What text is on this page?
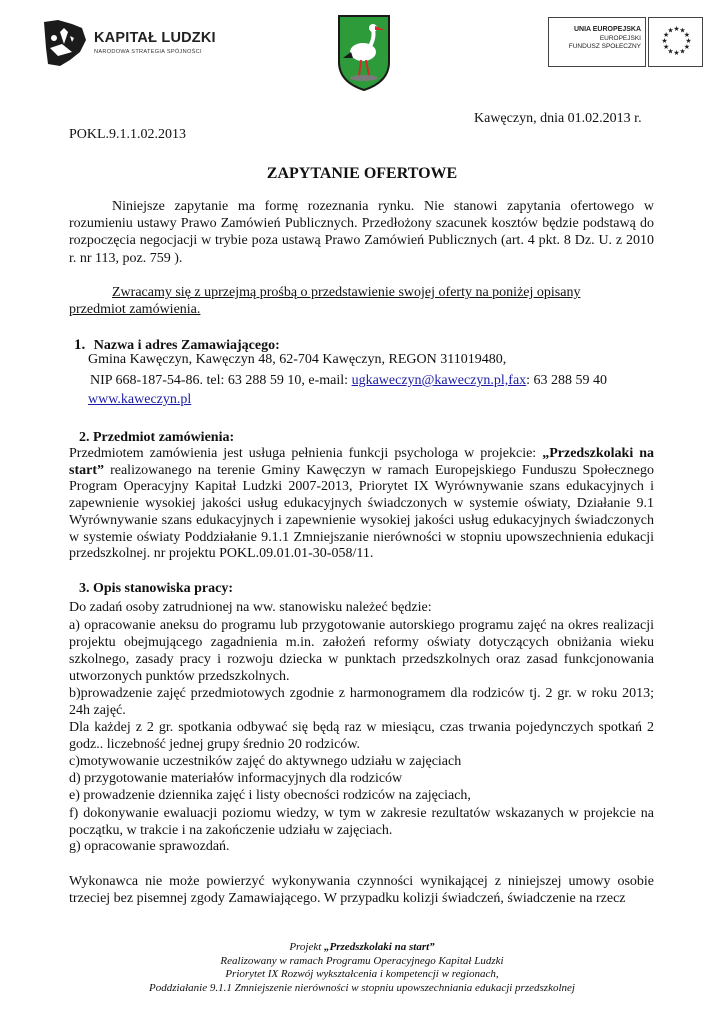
KAPITAŁ LUDZKI
NARODOWA STRATEGIA SPÓJNOŚCI
UNIA EUROPEJSKA
EUROPEJSKI
FUNDUSZ SPOŁECZNY
★ ★
★
★
★
★
★
★
★
★
★
★
Kawęczyn, dnia 01.02.2013 r.
POKL.9.1.1.02.2013
ZAPYTANIE OFERTOWE

Niniejsze zapytanie ma formę rozeznania rynku. Nie stanowi zapytania ofertowego w rozumieniu ustawy Prawo Zamówień Publicznych. Przedłożony szacunek kosztów będzie podstawą do rozpoczęcia negocjacji w trybie poza ustawą Prawo Zamówień Publicznych (art. 4 pkt. 8 Dz. U. z 2010 r. nr 113, poz. 759 ).

Zwracamy się z uprzejmą prośbą o przedstawienie swojej oferty na poniżej opisany przedmiot zamówienia.

1. Nazwa i adres Zamawiającego:
Gmina Kawęczyn, Kawęczyn 48, 62-704 Kawęczyn, REGON 311019480,
NIP 668-187-54-86. tel: 63 288 59 10, e-mail: ugkaweczyn@kaweczyn.pl,fax: 63 288 59 40
www.kaweczyn.pl
2. Przedmiot zamówienia:

Przedmiotem zamówienia jest usługa pełnienia funkcji psychologa w projekcie: „Przedszkolaki na start” realizowanego na terenie Gminy Kawęczyn w ramach Europejskiego Funduszu Społecznego Program Operacyjny Kapitał Ludzki 2007-2013, Priorytet IX Wyrównywanie szans edukacyjnych i zapewnienie wysokiej jakości usług edukacyjnych świadczonych w systemie oświaty, Działanie 9.1 Wyrównywanie szans edukacyjnych i zapewnienie wysokiej jakości usług edukacyjnych świadczonych w systemie oświaty Poddziałanie 9.1.1 Zmniejszanie nierówności w stopniu upowszechnienia edukacji przedszkolnej. nr projektu POKL.09.01.01-30-058/11.

3. Opis stanowiska pracy:
Do zadań osoby zatrudnionej na ww. stanowisku należeć będzie:

a) opracowanie aneksu do programu lub przygotowanie autorskiego programu zajęć na okres realizacji projektu obejmującego zagadnienia m.in. założeń reformy oświaty dotyczących obniżania wieku szkolnego, zasady pracy i rozwoju dziecka w punktach przedszkolnych oraz zasad funkcjonowania utworzonych punktów przedszkolnych.

b)prowadzenie zajęć przedmiotowych zgodnie z harmonogramem dla rodziców tj. 2 gr. w roku 2013; 24h zajęć.

Dla każdej z 2 gr. spotkania odbywać się będą raz w miesiącu, czas trwania pojedynczych spotkań 2 godz.. liczebność jednej grupy średnio 20 rodziców.

c)motywowanie uczestników zajęć do aktywnego udziału w zajęciach
d) przygotowanie materiałów informacyjnych dla rodziców
e) prowadzenie dziennika zajęć i listy obecności rodziców na zajęciach,

f) dokonywanie ewaluacji poziomu wiedzy, w tym w zakresie rezultatów wskazanych w projekcie na początku, w trakcie i na zakończenie udziału w zajęciach.

g) opracowanie sprawozdań.

Wykonawca nie może powierzyć wykonywania czynności wynikającej z niniejszej umowy osobie trzeciej bez pisemnej zgody Zamawiającego. W przypadku kolizji świadczeń, świadczenie na rzecz

Projekt „Przedszkolaki na start”
Realizowany w ramach Programu Operacyjnego Kapitał Ludzki
Priorytet IX Rozwój wykształcenia i kompetencji w regionach,
Poddziałanie 9.1.1 Zmniejszenie nierówności w stopniu upowszechniania edukacji przedszkolnej
